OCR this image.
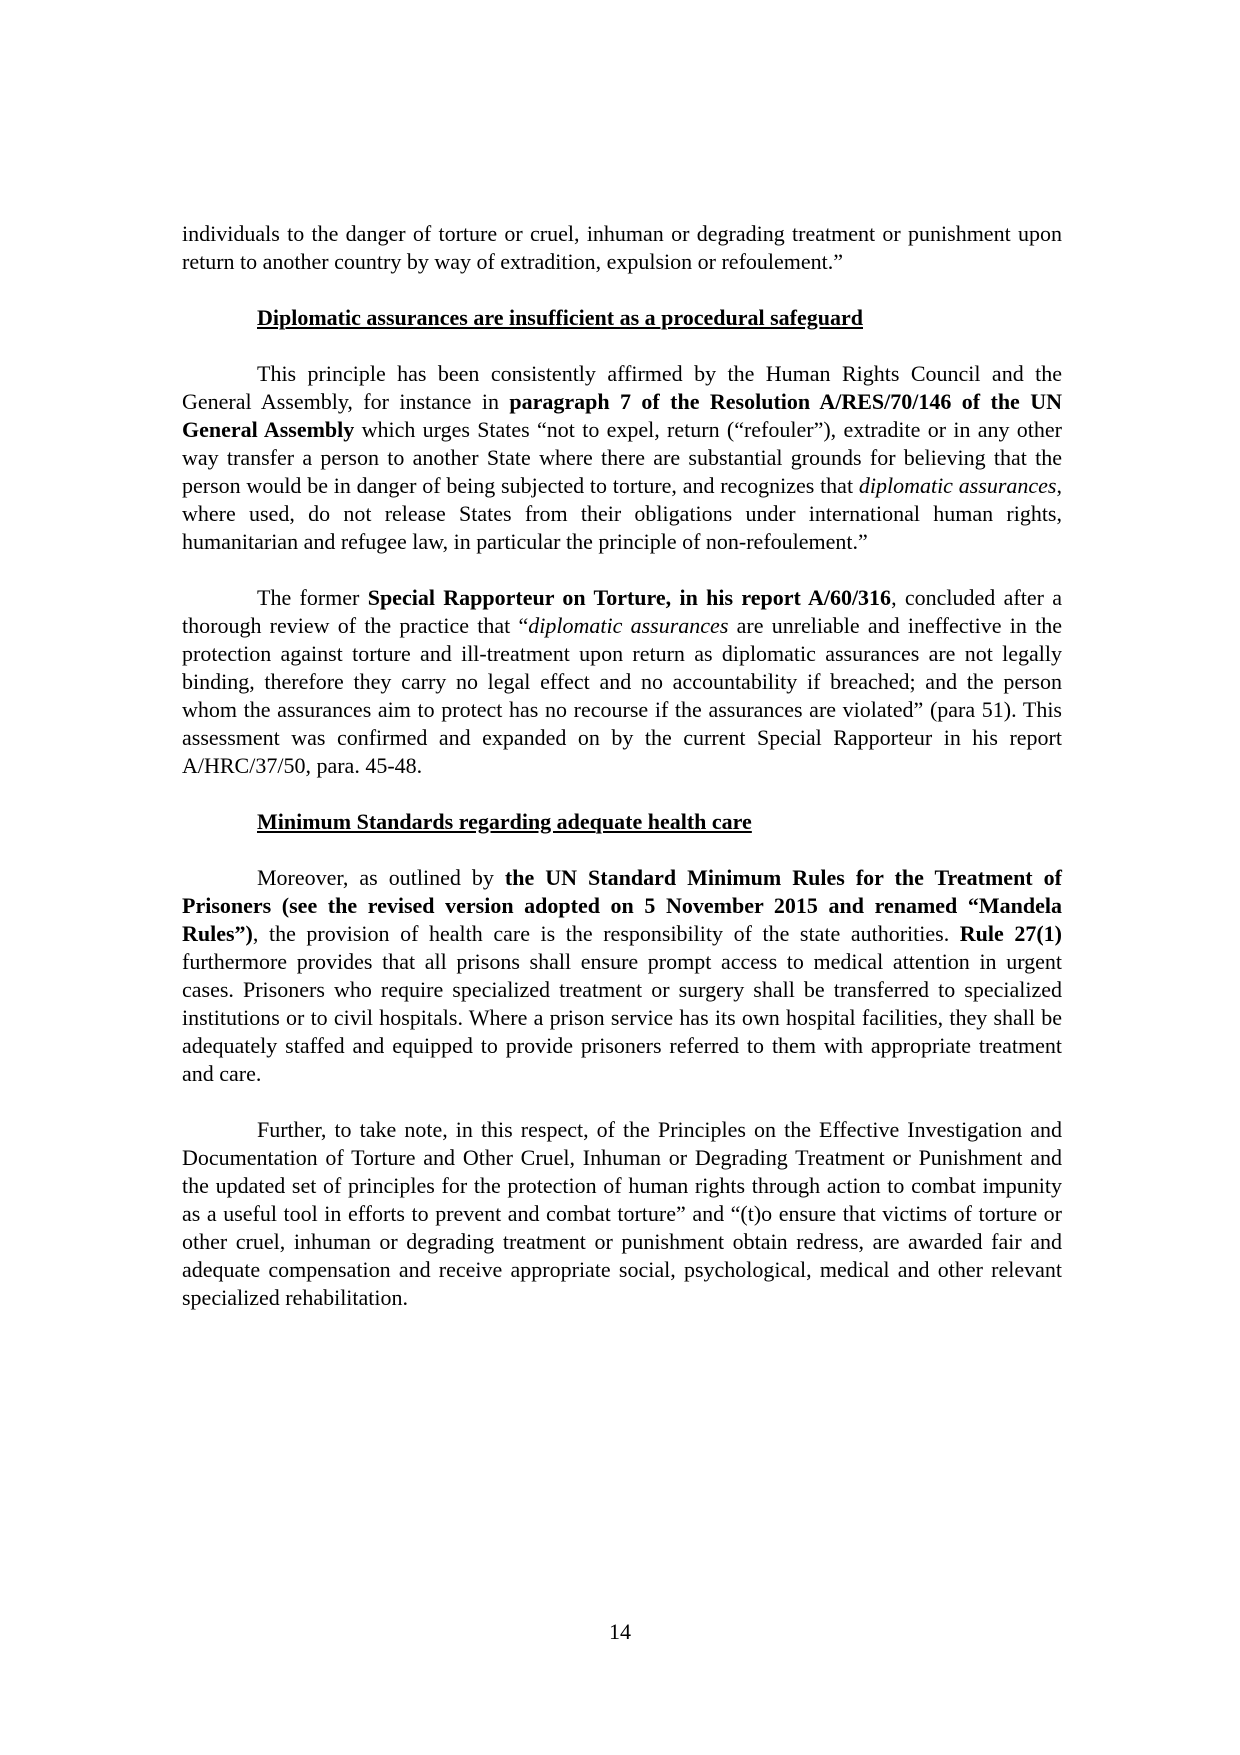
individuals to the danger of torture or cruel, inhuman or degrading treatment or punishment upon return to another country by way of extradition, expulsion or refoulement.”

Diplomatic assurances are insufficient as a procedural safeguard

This principle has been consistently affirmed by the Human Rights Council and the General Assembly, for instance in paragraph 7 of the Resolution A/RES/70/146 of the UN General Assembly which urges States “not to expel, return (“refouler”), extradite or in any other way transfer a person to another State where there are substantial grounds for believing that the person would be in danger of being subjected to torture, and recognizes that diplomatic assurances, where used, do not release States from their obligations under international human rights, humanitarian and refugee law, in particular the principle of non-refoulement.”

The former Special Rapporteur on Torture, in his report A/60/316, concluded after a thorough review of the practice that “diplomatic assurances are unreliable and ineffective in the protection against torture and ill-treatment upon return as diplomatic assurances are not legally binding, therefore they carry no legal effect and no accountability if breached; and the person whom the assurances aim to protect has no recourse if the assurances are violated” (para 51). This assessment was confirmed and expanded on by the current Special Rapporteur in his report A/HRC/37/50, para. 45-48.

Minimum Standards regarding adequate health care

Moreover, as outlined by the UN Standard Minimum Rules for the Treatment of Prisoners (see the revised version adopted on 5 November 2015 and renamed “Mandela Rules”), the provision of health care is the responsibility of the state authorities. Rule 27(1) furthermore provides that all prisons shall ensure prompt access to medical attention in urgent cases. Prisoners who require specialized treatment or surgery shall be transferred to specialized institutions or to civil hospitals. Where a prison service has its own hospital facilities, they shall be adequately staffed and equipped to provide prisoners referred to them with appropriate treatment and care.

Further, to take note, in this respect, of the Principles on the Effective Investigation and Documentation of Torture and Other Cruel, Inhuman or Degrading Treatment or Punishment and the updated set of principles for the protection of human rights through action to combat impunity as a useful tool in efforts to prevent and combat torture” and “(t)o ensure that victims of torture or other cruel, inhuman or degrading treatment or punishment obtain redress, are awarded fair and adequate compensation and receive appropriate social, psychological, medical and other relevant specialized rehabilitation.

14
